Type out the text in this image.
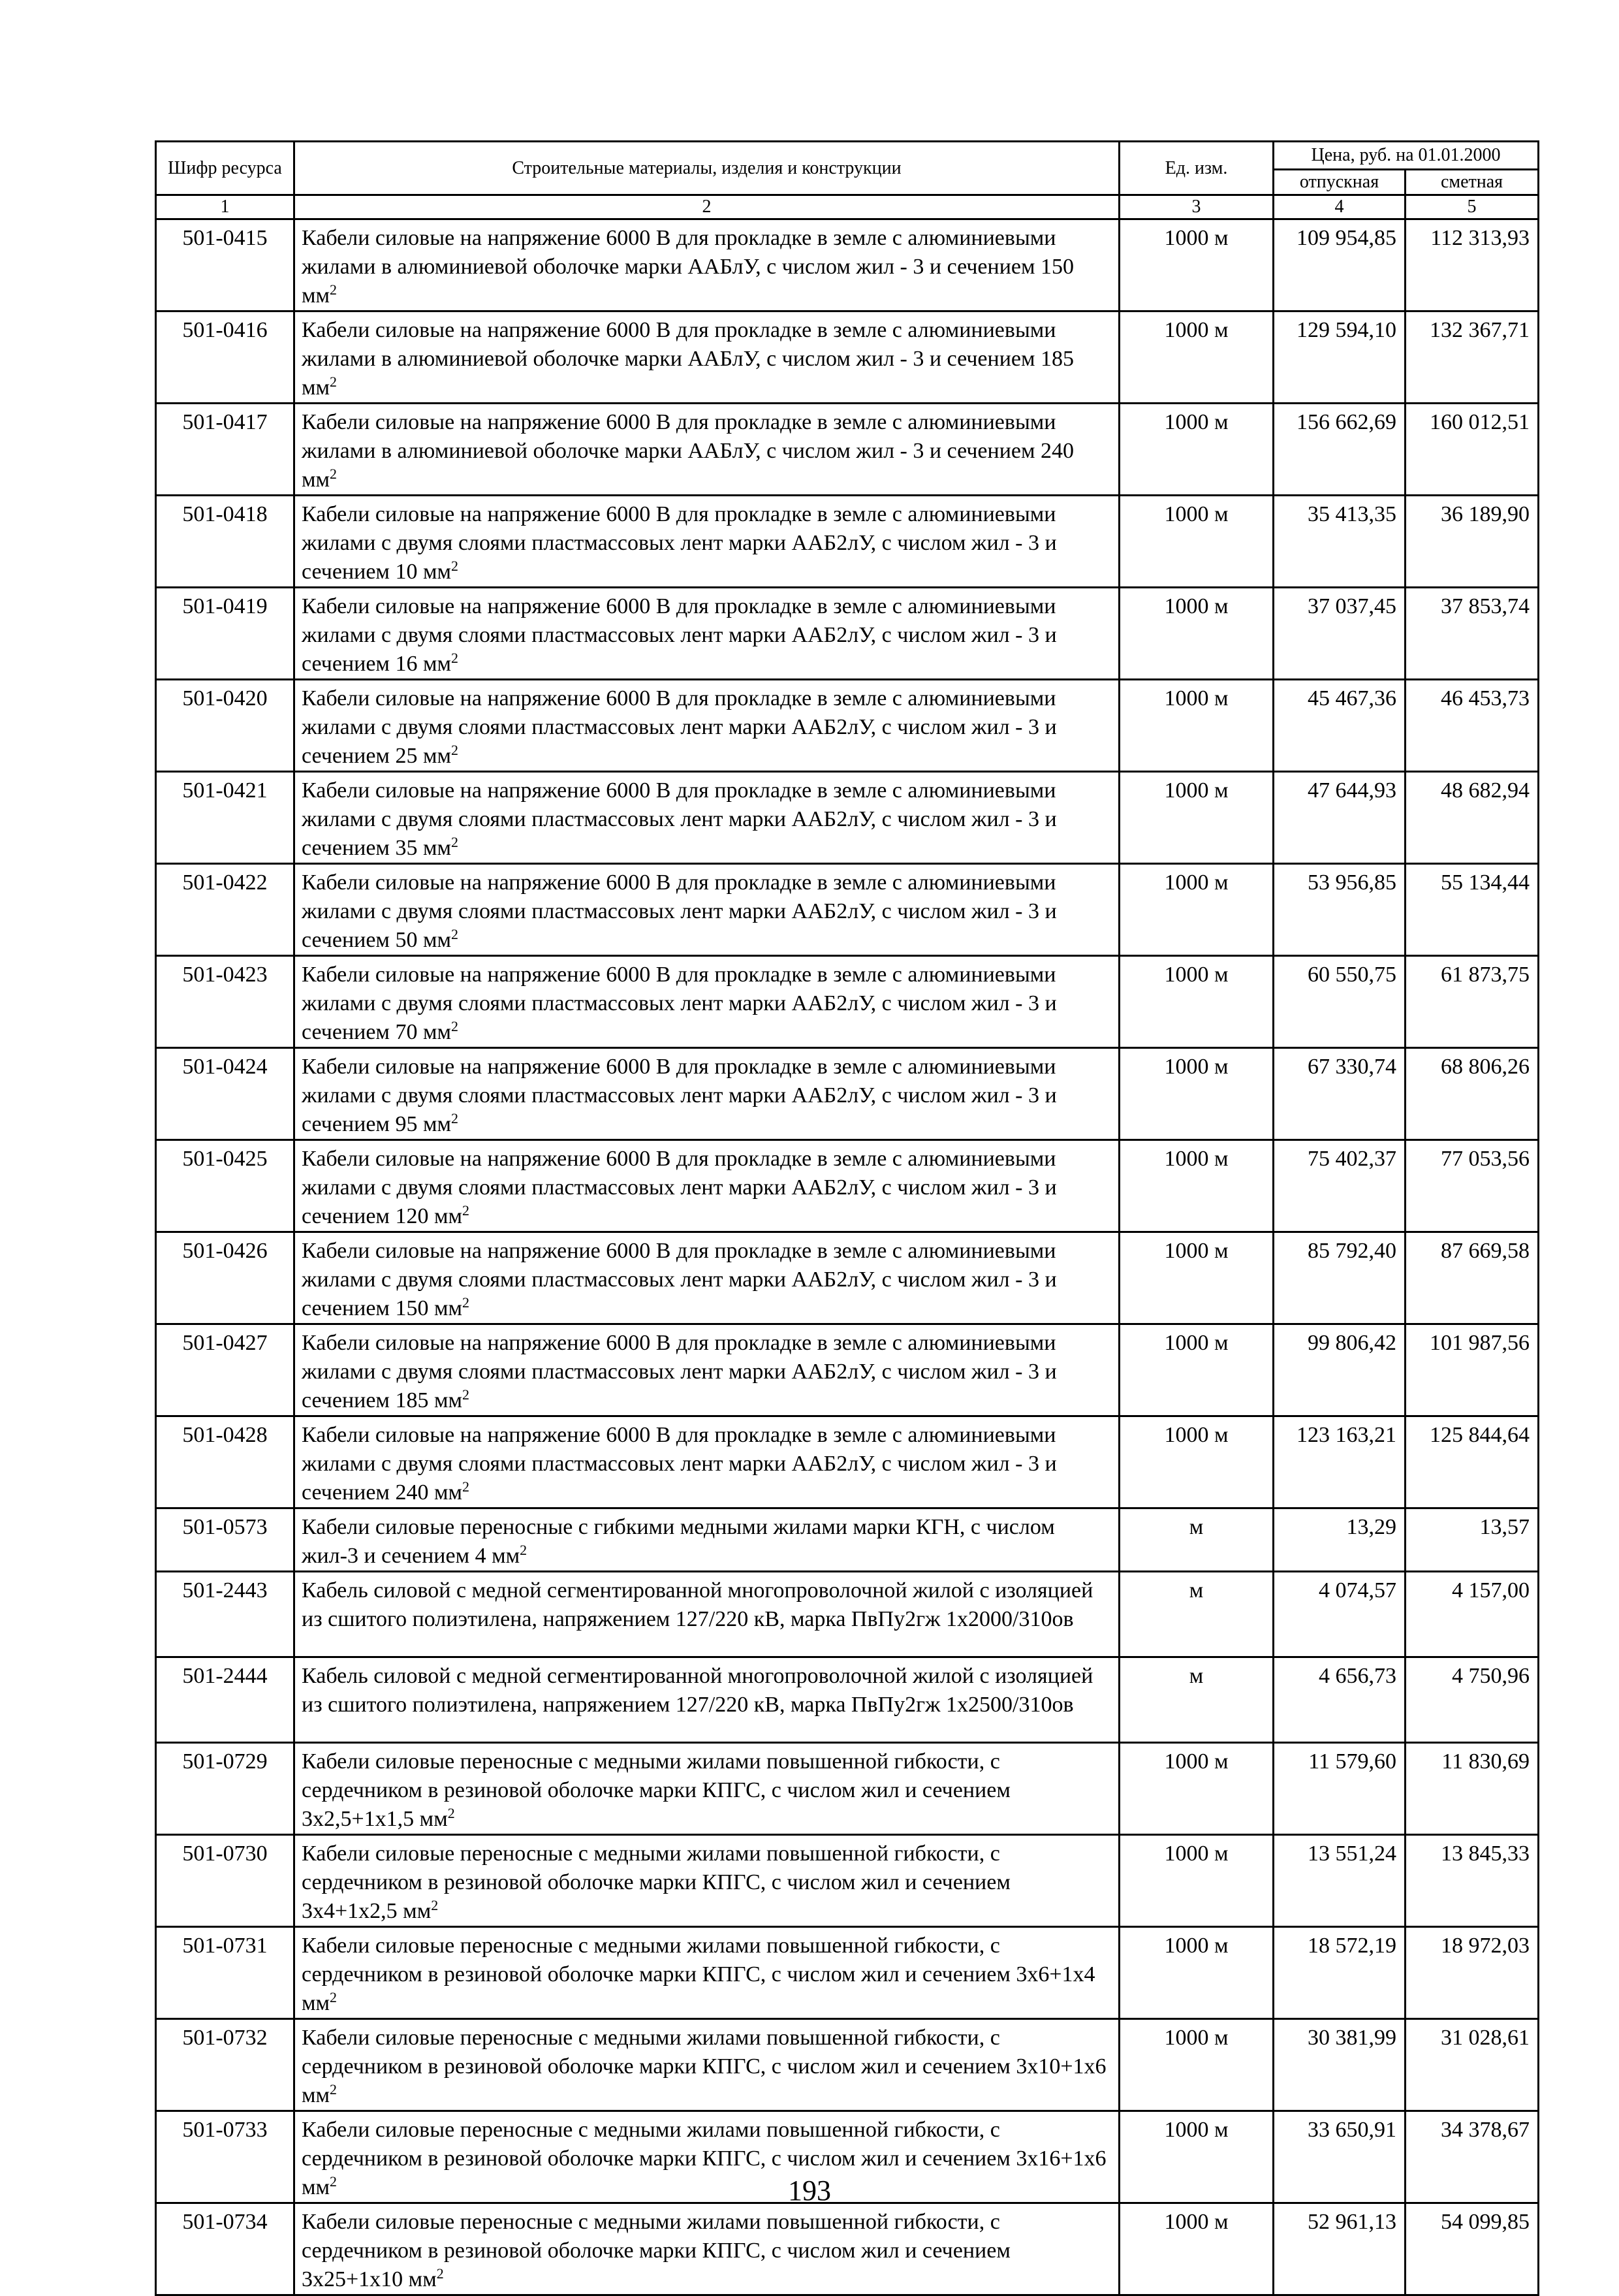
Шифр ресурса	Строительные материалы, изделия и конструкции	Ед. изм.	Цена, руб. на 01.01.2000	
			отпускная	сметная
1	2	3	4	5
501-0415	Кабели силовые на напряжение 6000 В для прокладке в земле с алюминиевыми жилами в алюминиевой оболочке марки ААБлУ, с числом жил - 3 и сечением 150 $мм^2$	1000 м	109 954,85	112 313,93
501-0416	Кабели силовые на напряжение 6000 В для прокладке в земле с алюминиевыми жилами в алюминиевой оболочке марки ААБлУ, с числом жил - 3 и сечением 185 $мм^2$	1000 м	129 594,10	132 367,71
501-0417	Кабели силовые на напряжение 6000 В для прокладке в земле с алюминиевыми жилами в алюминиевой оболочке марки ААБлУ, с числом жил - 3 и сечением 240 $мм^2$	1000 м	156 662,69	160 012,51
501-0418	Кабели силовые на напряжение 6000 В для прокладке в земле с алюминиевыми жилами с двумя слоями пластмассовых лент марки ААБ2лУ, с числом жил - 3 и сечением 10 $мм^2$	1000 м	35 413,35	36 189,90
501-0419	Кабели силовые на напряжение 6000 В для прокладке в земле с алюминиевыми жилами с двумя слоями пластмассовых лент марки ААБ2лУ, с числом жил - 3 и сечением 16 $мм^2$	1000 м	37 037,45	37 853,74
501-0420	Кабели силовые на напряжение 6000 В для прокладке в земле с алюминиевыми жилами с двумя слоями пластмассовых лент марки ААБ2лУ, с числом жил - 3 и сечением 25 $мм^2$	1000 м	45 467,36	46 453,73
501-0421	Кабели силовые на напряжение 6000 В для прокладке в земле с алюминиевыми жилами с двумя слоями пластмассовых лент марки ААБ2лУ, с числом жил - 3 и сечением 35 $мм^2$	1000 м	47 644,93	48 682,94
501-0422	Кабели силовые на напряжение 6000 В для прокладке в земле с алюминиевыми жилами с двумя слоями пластмассовых лент марки ААБ2лУ, с числом жил - 3 и сечением 50 $мм^2$	1000 м	53 956,85	55 134,44
501-0423	Кабели силовые на напряжение 6000 В для прокладке в земле с алюминиевыми жилами с двумя слоями пластмассовых лент марки ААБ2лУ, с числом жил - 3 и сечением 70 $мм^2$	1000 м	60 550,75	61 873,75
501-0424	Кабели силовые на напряжение 6000 В для прокладке в земле с алюминиевыми жилами с двумя слоями пластмассовых лент марки ААБ2лУ, с числом жил - 3 и сечением 95 $мм^2$	1000 м	67 330,74	68 806,26
501-0425	Кабели силовые на напряжение 6000 В для прокладке в земле с алюминиевыми жилами с двумя слоями пластмассовых лент марки ААБ2лУ, с числом жил - 3 и сечением 120 $мм^2$	1000 м	75 402,37	77 053,56
501-0426	Кабели силовые на напряжение 6000 В для прокладке в земле с алюминиевыми жилами с двумя слоями пластмассовых лент марки ААБ2лУ, с числом жил - 3 и сечением 150 $мм^2$	1000 м	85 792,40	87 669,58
501-0427	Кабели силовые на напряжение 6000 В для прокладке в земле с алюминиевыми жилами с двумя слоями пластмассовых лент марки ААБ2лУ, с числом жил - 3 и сечением 185 $мм^2$	1000 м	99 806,42	101 987,56
501-0428	Кабели силовые на напряжение 6000 В для прокладке в земле с алюминиевыми жилами с двумя слоями пластмассовых лент марки ААБ2лУ, с числом жил - 3 и сечением 240 $мм^2$	1000 м	123 163,21	125 844,64
501-0573	Кабели силовые переносные с гибкими медными жилами марки КГН, с числом жил-3 и сечением 4 $мм^2$	м	13,29	13,57
501-2443	Кабель силовой с медной сегментированной многопроволочной жилой с изоляцией из сшитого полиэтилена, напряжением 127/220 кВ, марка ПвПу2гж 1х2000/310ов	м	4 074,57	4 157,00
501-2444	Кабель силовой с медной сегментированной многопроволочной жилой с изоляцией из сшитого полиэтилена, напряжением 127/220 кВ, марка ПвПу2гж 1х2500/310ов	м	4 656,73	4 750,96
501-0729	Кабели силовые переносные с медными жилами повышенной гибкости, с сердечником в резиновой оболочке марки КПГС, с числом жил и сечением 3х2,5+1х1,5 $мм^2$	1000 м	11 579,60	11 830,69
501-0730	Кабели силовые переносные с медными жилами повышенной гибкости, с сердечником в резиновой оболочке марки КПГС, с числом жил и сечением 3х4+1х2,5 $мм^2$	1000 м	13 551,24	13 845,33
501-0731	Кабели силовые переносные с медными жилами повышенной гибкости, с сердечником в резиновой оболочке марки КПГС, с числом жил и сечением 3х6+1х4 $мм^2$	1000 м	18 572,19	18 972,03
501-0732	Кабели силовые переносные с медными жилами повышенной гибкости, с сердечником в резиновой оболочке марки КПГС, с числом жил и сечением 3х10+1х6 $мм^2$	1000 м	30 381,99	31 028,61
501-0733	Кабели силовые переносные с медными жилами повышенной гибкости, с сердечником в резиновой оболочке марки КПГС, с числом жил и сечением 3х16+1х6 $мм^2$	1000 м	33 650,91	34 378,67
501-0734	Кабели силовые переносные с медными жилами повышенной гибкости, с сердечником в резиновой оболочке марки КПГС, с числом жил и сечением 3х25+1х10 $мм^2$	1000 м	52 961,13	54 099,85
193
